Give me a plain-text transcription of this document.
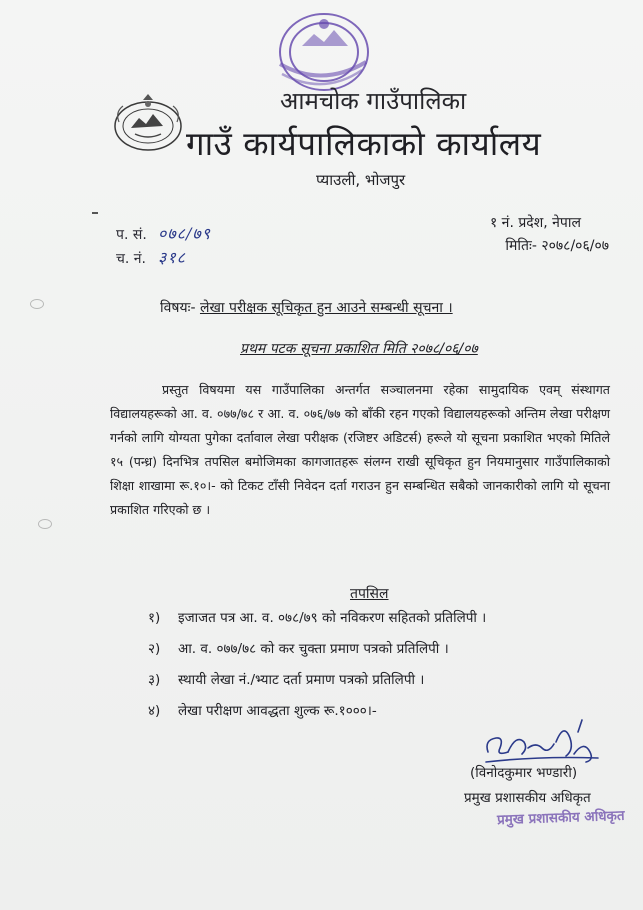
आमचोक गाउँपालिका
गाउँ कार्यपालिकाको कार्यालय
प्याउली, भोजपुर
प. सं. ०७८/७९
च. नं. ३१८
१ नं. प्रदेश, नेपाल
मितिः- २०७८/०६/०७
विषयः- लेखा परीक्षक सूचिकृत हुन आउने सम्बन्धी सूचना ।
प्रथम पटक सूचना प्रकाशित मिति २०७८/०६/०७

प्रस्तुत विषयमा यस गाउँपालिका अन्तर्गत सञ्चालनमा रहेका सामुदायिक एवम् संस्थागत विद्यालयहरूको आ. व. ०७७/७८ र आ. व. ०७६/७७ को बाँकी रहन गएको विद्यालयहरूको अन्तिम लेखा परीक्षण गर्नको लागि योग्यता पुगेका दर्तावाल लेखा परीक्षक (रजिष्टर अडिटर्स) हरूले यो सूचना प्रकाशित भएको मितिले १५ (पन्ध्र) दिनभित्र तपसिल बमोजिमका कागजातहरू संलग्न राखी सूचिकृत हुन नियमानुसार गाउँपालिकाको शिक्षा शाखामा रू.१०।- को टिकट टाँसी निवेदन दर्ता गराउन हुन सम्बन्धित सबैको जानकारीको लागि यो सूचना प्रकाशित गरिएको छ ।

तपसिल
१)	इजाजत पत्र आ. व. ०७८/७९ को नविकरण सहितको प्रतिलिपी ।
२)	आ. व. ०७७/७८ को कर चुक्ता प्रमाण पत्रको प्रतिलिपी ।
३)	स्थायी लेखा नं./भ्याट दर्ता प्रमाण पत्रको प्रतिलिपी ।
४)	लेखा परीक्षण आवद्धता शुल्क रू.१०००।-
(विनोदकुमार भण्डारी)
प्रमुख प्रशासकीय अधिकृत
प्रमुख प्रशासकीय अधिकृत
